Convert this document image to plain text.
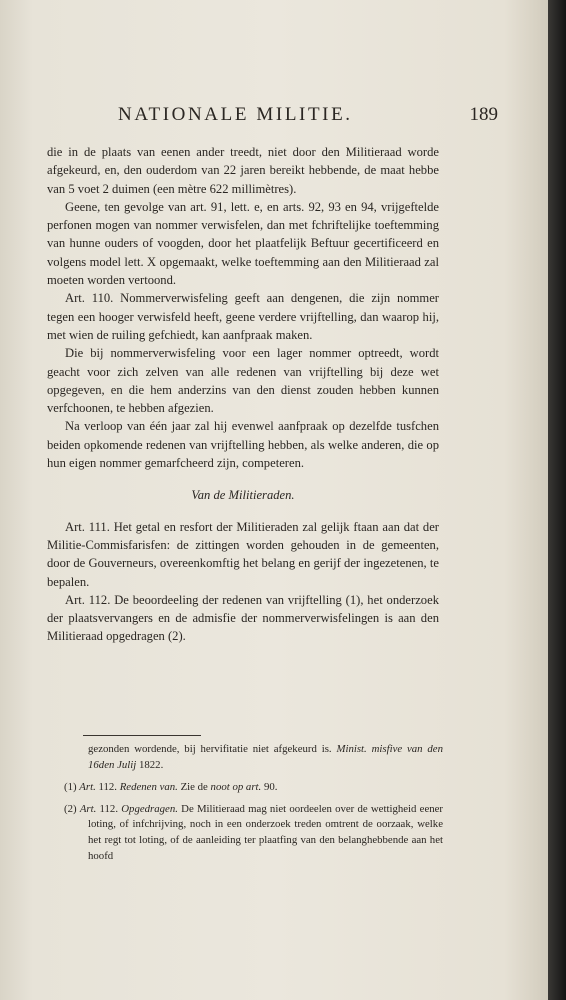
NATIONALE MILITIE.	189

die in de plaats van eenen ander treedt, niet door den Militieraad worde afgekeurd, en, den ouderdom van 22 jaren bereikt hebbende, de maat hebbe van 5 voet 2 duimen (een mètre 622 millimètres).

Geene, ten gevolge van art. 91, lett. e, en arts. 92, 93 en 94, vrijgeftelde perfonen mogen van nommer verwisfelen, dan met fchriftelijke toeftemming van hunne ouders of voogden, door het plaatfelijk Beftuur gecertificeerd en volgens model lett. X opgemaakt, welke toeftemming aan den Militieraad zal moeten worden vertoond.

Art. 110. Nommerverwisfeling geeft aan dengenen, die zijn nommer tegen een hooger verwisfeld heeft, geene verdere vrijftelling, dan waarop hij, met wien de ruiling gefchiedt, kan aanfpraak maken.

Die bij nommerverwisfeling voor een lager nommer optreedt, wordt geacht voor zich zelven van alle redenen van vrijftelling bij deze wet opgegeven, en die hem anderzins van den dienst zouden hebben kunnen verfchoonen, te hebben afgezien.

Na verloop van één jaar zal hij evenwel aanfpraak op dezelfde tusfchen beiden opkomende redenen van vrijftelling hebben, als welke anderen, die op hun eigen nommer gemarfcheerd zijn, competeren.

Van de Militieraden.

Art. 111. Het getal en resfort der Militieraden zal gelijk ftaan aan dat der Militie-Commisfarisfen: de zittingen worden gehouden in de gemeenten, door de Gouverneurs, overeenkomftig het belang en gerijf der ingezetenen, te bepalen.

Art. 112. De beoordeeling der redenen van vrijftelling (1), het onderzoek der plaatsvervangers en de admisfie der nommerverwisfelingen is aan den Militieraad opgedragen (2).

gezonden wordende, bij hervifitatie niet afgekeurd is. Minist. misfive van den 16den Julij 1822.

(1) Art. 112. Redenen van. Zie de noot op art. 90.

(2) Art. 112. Opgedragen. De Militieraad mag niet oordeelen over de wettigheid eener loting, of infchrijving, noch in een onderzoek treden omtrent de oorzaak, welke het regt tot loting, of de aanleiding ter plaatfing van den belanghebbende aan het hoofd
